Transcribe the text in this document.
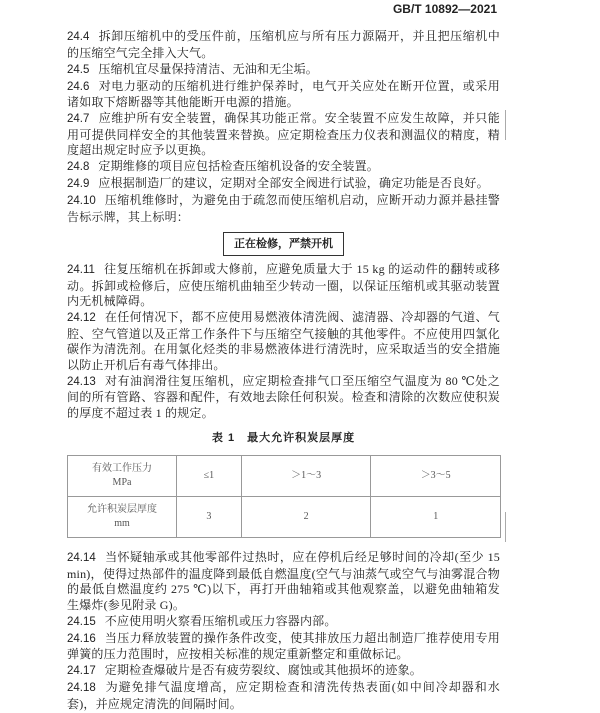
GB/T 10892—2021

24.4 拆卸压缩机中的受压件前，压缩机应与所有压力源隔开，并且把压缩机中的压缩空气完全排入大气。

24.5 压缩机宜尽量保持清洁、无油和无尘垢。

24.6 对电力驱动的压缩机进行维护保养时，电气开关应处在断开位置，或采用诸如取下熔断器等其他能断开电源的措施。

24.7 应维护所有安全装置，确保其功能正常。安全装置不应发生故障，并只能用可提供同样安全的其他装置来替换。应定期检查压力仪表和测温仪的精度，精度超出规定时应予以更换。

24.8 定期维修的项目应包括检查压缩机设备的安全装置。

24.9 应根据制造厂的建议，定期对全部安全阀进行试验，确定功能是否良好。

24.10 压缩机维修时，为避免由于疏忽而使压缩机启动，应断开动力源并悬挂警告标示牌，其上标明：

正在检修，严禁开机

24.11 往复压缩机在拆卸或大修前，应避免质量大于 15 kg 的运动件的翻转或移动。拆卸或检修后，应使压缩机曲轴至少转动一圈，以保证压缩机或其驱动装置内无机械障碍。

24.12 在任何情况下，都不应使用易燃液体清洗阀、滤清器、冷却器的气道、气腔、空气管道以及正常工作条件下与压缩空气接触的其他零件。不应使用四氯化碳作为清洗剂。在用氯化烃类的非易燃液体进行清洗时，应采取适当的安全措施以防止开机后有毒气体排出。

24.13 对有油润滑往复压缩机，应定期检查排气口至压缩空气温度为 80 ℃处之间的所有管路、容器和配件，有效地去除任何积炭。检查和清除的次数应使积炭的厚度不超过表 1 的规定。

表 1　最大允许积炭层厚度
有效工作压力
MPa	≤1	＞1～3	＞3～5

允许积炭层厚度
mm	3	2	1

24.14 当怀疑轴承或其他零部件过热时，应在停机后经足够时间的冷却(至少 15 min)，使得过热部件的温度降到最低自燃温度(空气与油蒸气或空气与油雾混合物的最低自燃温度约 275 ℃)以下，再打开曲轴箱或其他观察盖，以避免曲轴箱发生爆炸(参见附录 G)。

24.15 不应使用明火察看压缩机或压力容器内部。

24.16 当压力释放装置的操作条件改变，使其排放压力超出制造厂推荐使用专用弹簧的压力范围时，应按相关标准的规定重新整定和重做标记。

24.17 定期检查爆破片是否有疲劳裂纹、腐蚀或其他损坏的迹象。

24.18 为避免排气温度增高，应定期检查和清洗传热表面(如中间冷却器和水套)，并应规定清洗的间隔时间。
